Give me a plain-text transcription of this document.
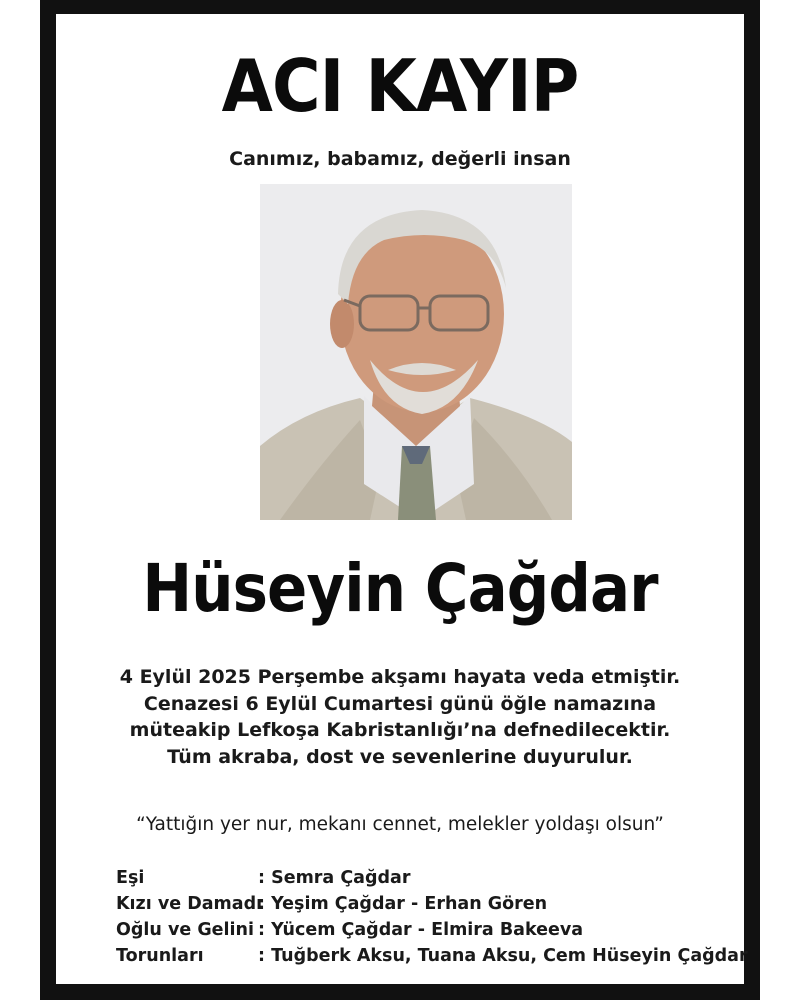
ACI KAYIP
Canımız, babamız, değerli insan
Hüseyin Çağdar
4 Eylül 2025 Perşembe akşamı hayata veda etmiştir.
Cenazesi 6 Eylül Cumartesi günü öğle namazına
müteakip Lefkoşa Kabristanlığı’na defnedilecektir.
Tüm akraba, dost ve sevenlerine duyurulur.
“Yattığın yer nur, mekanı cennet, melekler yoldaşı olsun”
Eşi	: Semra Çağdar
Kızı ve Damadı
: Yeşim Çağdar - Erhan Gören
Oğlu ve Gelini : Yücem Çağdar - Elmira Bakeeva
Torunları	: Tuğberk Aksu, Tuana Aksu, Cem Hüseyin Çağdar
